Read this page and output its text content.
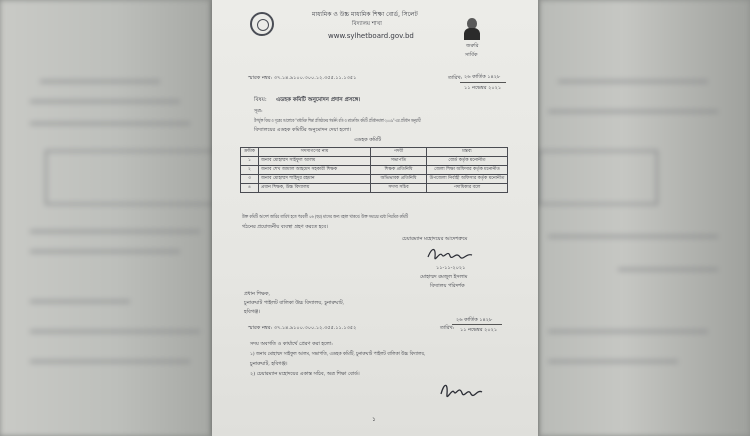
মাধ্যমিক ও উচ্চ মাধ্যমিক শিক্ষা বোর্ড, সিলেট
বিদ্যালয় শাখা
www.sylhetboard.gov.bd
জরুরি
সার্বিক
স্মারক নম্বর: ৩৭.১৪.৯১০০.৩০০.১২.৩৫৫.১১.১৩৫১	তারিখ: ২৬ কার্তিক ১৪২৮
১১ নভেম্বর ২০২১
বিষয়: এডহক কমিটি অনুমোদন প্রদান প্রসঙ্গে।
সূত্র:
উপর্যুক্ত বিষয় ও সূত্রের আলোকে "মাধ্যমিক শিক্ষা প্রতিষ্ঠানের গভর্নিং বডি ও ম্যানেজিং কমিটি প্রবিধানমালা-২০০৯"-এর প্রবিধান অনুযায়ী
বিদ্যালয়ের এডহক কমিটির অনুমোদন দেয়া হলো।
এডহক কমিটি
ক্রমিক	সদস্যগণের নাম	পদবী	মন্তব্য
১	জনাব মোহাম্মদ সাইফুল আলম	সভাপতি	বোর্ড কর্তৃক মনোনীত
২	জনাব শেখ জামাল আহমেদ সহকারী শিক্ষক	শিক্ষক প্রতিনিধি	জেলা শিক্ষা অফিসার কর্তৃক মনোনীত
৩	জনাব মোহাম্মদ শাহিদুর রহমান	অভিভাবক প্রতিনিধি	উপজেলা নির্বাহী অফিসার কর্তৃক মনোনীত
৪	প্রধান শিক্ষক, উচ্চ বিদ্যালয়	সদস্য সচিব	পদাধিকার বলে
উক্ত কমিটি আদেশ জারির তারিখ হতে পরবর্তী ০৬ (ছয়) মাসের জন্য বহাল থাকবে। উক্ত সময়ের মধ্যে নিয়মিত কমিটি
গঠনের প্রয়োজনীয় ব্যবস্থা গ্রহণ করতে হবে।
চেয়ারম্যান মহোদয়ের আদেশক্রমে
১১-১১-২০২১
মোহাম্মদ রমজুল ইসলাম
বিদ্যালয় পরিদর্শক
প্রধান শিক্ষক,
চুনারুঘাট পাইলট বালিকা উচ্চ বিদ্যালয়, চুনারুঘাট,
হবিগঞ্জ।
স্মারক নম্বর: ৩৭.১৪.৯১০০.৩০০.১২.৩৫৫.১১.১৩৫২	তারিখ:
২৬ কার্তিক ১৪২৮
১১ নভেম্বর ২০২১
সদয় অবগতি ও কার্যার্থে প্রেরণ করা হলো:
১) জনাব মোহাম্মদ সাইফুল আলম, সভাপতি, এডহক কমিটি, চুনারুঘাট পাইলট বালিকা উচ্চ বিদ্যালয়,
চুনারুঘাট, হবিগঞ্জ।
২) চেয়ারম্যান মহোদয়ের একান্ত সচিব, অত্র শিক্ষা বোর্ড।
১
